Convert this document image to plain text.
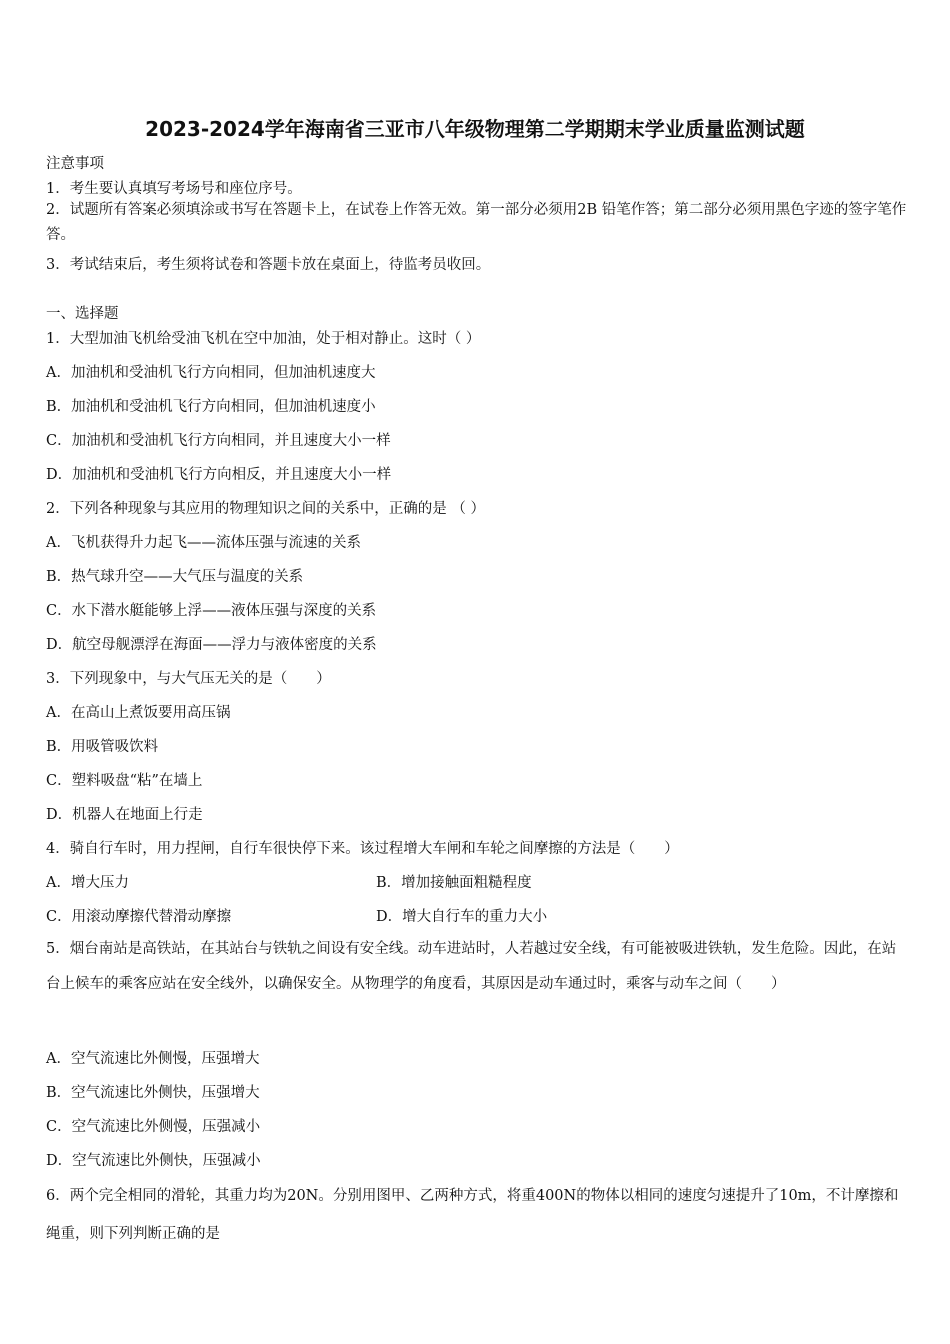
2023-2024学年海南省三亚市八年级物理第二学期期末学业质量监测试题
注意事项
1．考生要认真填写考场号和座位序号。
2．试题所有答案必须填涂或书写在答题卡上，在试卷上作答无效。第一部分必须用2B 铅笔作答；第二部分必须用黑色字迹的签字笔作答。
3．考试结束后，考生须将试卷和答题卡放在桌面上，待监考员收回。
一、选择题
1．大型加油飞机给受油飞机在空中加油，处于相对静止。这时（ ）
A．加油机和受油机飞行方向相同，但加油机速度大
B．加油机和受油机飞行方向相同，但加油机速度小
C．加油机和受油机飞行方向相同，并且速度大小一样
D．加油机和受油机飞行方向相反，并且速度大小一样
2．下列各种现象与其应用的物理知识之间的关系中，正确的是 （ ）
A．飞机获得升力起飞——流体压强与流速的关系
B．热气球升空——大气压与温度的关系
C．水下潜水艇能够上浮——液体压强与深度的关系
D．航空母舰漂浮在海面——浮力与液体密度的关系
3．下列现象中，与大气压无关的是（　　）
A．在高山上煮饭要用高压锅
B．用吸管吸饮料
C．塑料吸盘“粘”在墙上
D．机器人在地面上行走
4．骑自行车时，用力捏闸，自行车很快停下来。该过程增大车闸和车轮之间摩擦的方法是（　　）
A．增大压力	B．增加接触面粗糙程度
C．用滚动摩擦代替滑动摩擦	D．增大自行车的重力大小
5．烟台南站是高铁站，在其站台与铁轨之间设有安全线。动车进站时，人若越过安全线，有可能被吸进铁轨，发生危险。因此，在站台上候车的乘客应站在安全线外，以确保安全。从物理学的角度看，其原因是动车通过时，乘客与动车之间（　　）
A．空气流速比外侧慢，压强增大
B．空气流速比外侧快，压强增大
C．空气流速比外侧慢，压强减小
D．空气流速比外侧快，压强减小
6．两个完全相同的滑轮，其重力均为20N。分别用图甲、乙两种方式，将重400N的物体以相同的速度匀速提升了10m，不计摩擦和绳重，则下列判断正确的是
